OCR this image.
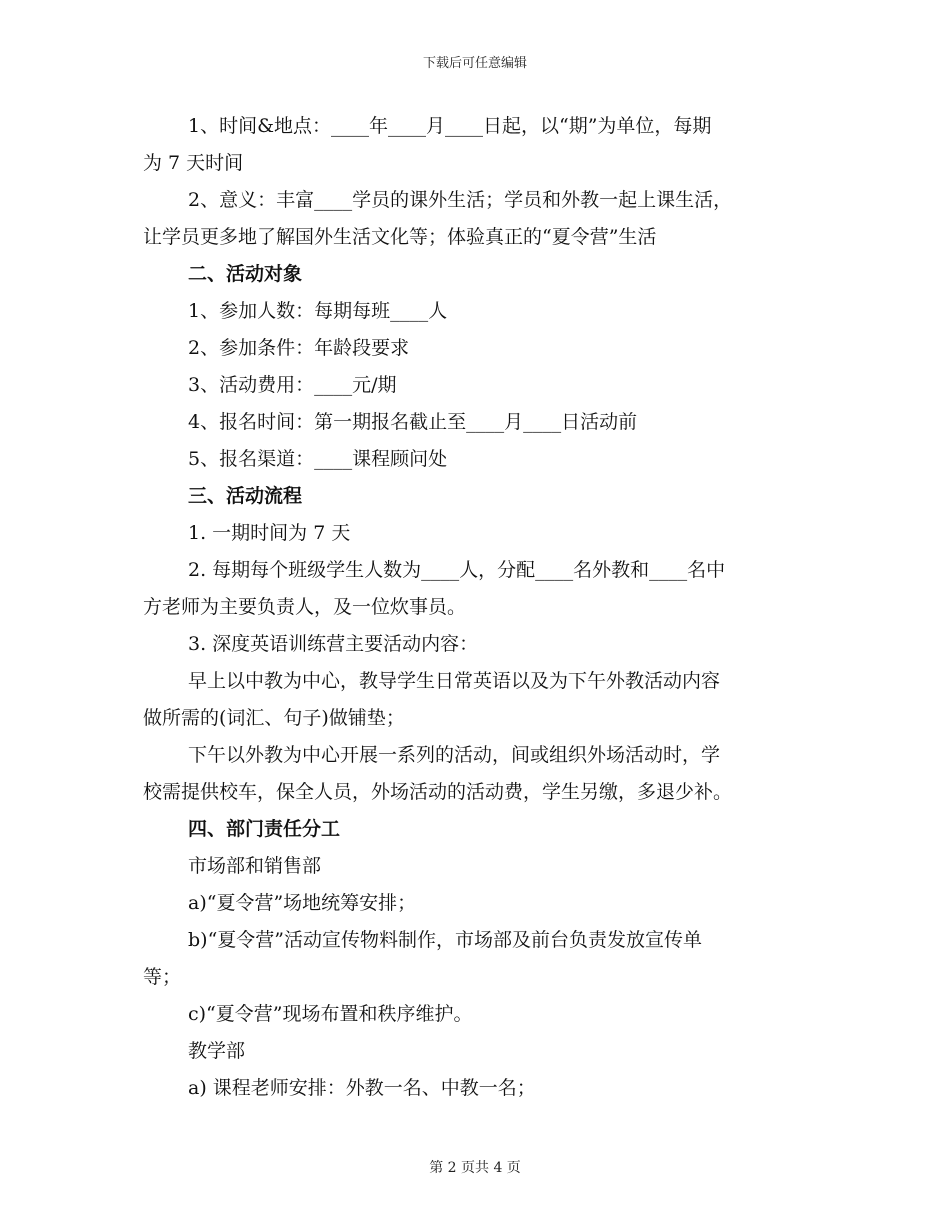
下载后可任意编辑

1、时间&地点：____年____月____日起，以“期”为单位，每期

为 7 天时间

2、意义：丰富____学员的课外生活；学员和外教一起上课生活，

让学员更多地了解国外生活文化等；体验真正的“夏令营”生活

二、活动对象

1、参加人数：每期每班____人

2、参加条件：年龄段要求

3、活动费用：____元/期

4、报名时间：第一期报名截止至____月____日活动前

5、报名渠道：____课程顾问处

三、活动流程

1. 一期时间为 7 天

2. 每期每个班级学生人数为____人，分配____名外教和____名中

方老师为主要负责人，及一位炊事员。

3. 深度英语训练营主要活动内容：

早上以中教为中心，教导学生日常英语以及为下午外教活动内容

做所需的(词汇、句子)做铺垫；

下午以外教为中心开展一系列的活动，间或组织外场活动时，学

校需提供校车，保全人员，外场活动的活动费，学生另缴，多退少补。

四、部门责任分工

市场部和销售部

a)“夏令营”场地统筹安排；

b)“夏令营”活动宣传物料制作，市场部及前台负责发放宣传单

等；

c)“夏令营”现场布置和秩序维护。

教学部

a) 课程老师安排：外教一名、中教一名；

第 2 页共 4 页
